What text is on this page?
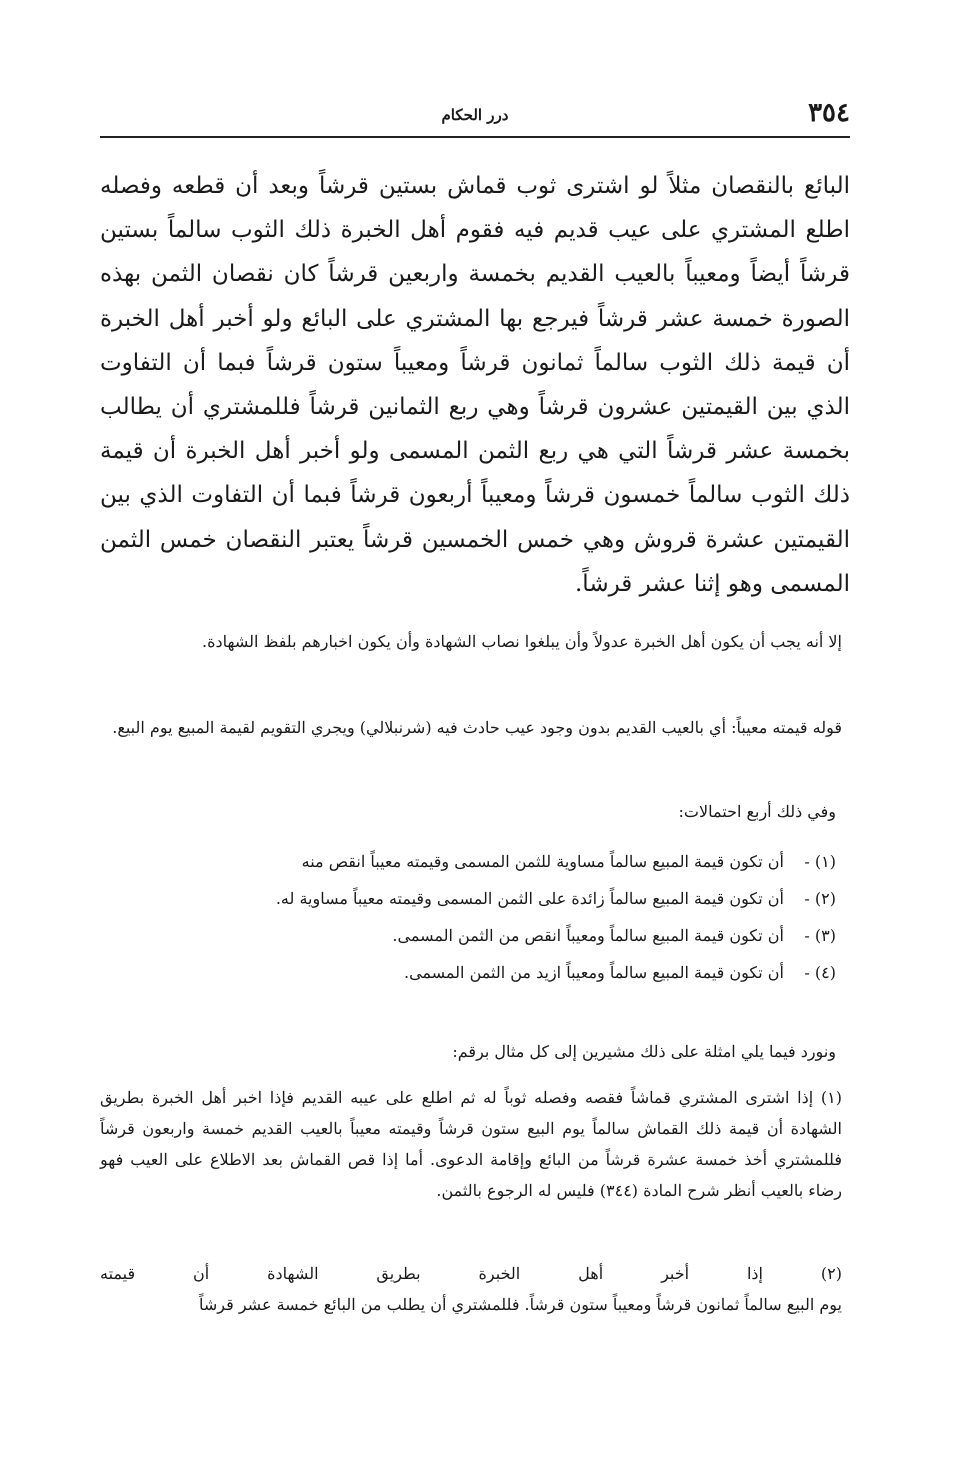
٣٥٤
درر الحكام

البائع بالنقصان مثلاً لو اشترى ثوب قماش بستين قرشاً وبعد أن قطعه وفصله اطلع المشتري على عيب قديم فيه فقوم أهل الخبرة ذلك الثوب سالماً بستين قرشاً أيضاً ومعيباً بالعيب القديم بخمسة واربعين قرشاً كان نقصان الثمن بهذه الصورة خمسة عشر قرشاً فيرجع بها المشتري على البائع ولو أخبر أهل الخبرة أن قيمة ذلك الثوب سالماً ثمانون قرشاً ومعيباً ستون قرشاً فبما أن التفاوت الذي بين القيمتين عشرون قرشاً وهي ربع الثمانين قرشاً فللمشتري أن يطالب بخمسة عشر قرشاً التي هي ربع الثمن المسمى ولو أخبر أهل الخبرة أن قيمة ذلك الثوب سالماً خمسون قرشاً ومعيباً أربعون قرشاً فبما أن التفاوت الذي بين القيمتين عشرة قروش وهي خمس الخمسين قرشاً يعتبر النقصان خمس الثمن المسمى وهو إثنا عشر قرشاً.

إلا أنه يجب أن يكون أهل الخبرة عدولاً وأن يبلغوا نصاب الشهادة وأن يكون اخبارهم بلفظ الشهادة.

قوله قيمته معيباً: أي بالعيب القديم بدون وجود عيب حادث فيه (شرنبلالي) ويجري التقويم لقيمة المبيع يوم البيع.

وفي ذلك أربع احتمالات:

(١) -أن تكون قيمة المبيع سالماً مساوية للثمن المسمى وقيمته معيباً انقص منه
(٢) -أن تكون قيمة المبيع سالماً زائدة على الثمن المسمى وقيمته معيباً مساوية له.
(٣) -أن تكون قيمة المبيع سالماً ومعيباً انقص من الثمن المسمى.
(٤) -أن تكون قيمة المبيع سالماً ومعيباً ازيد من الثمن المسمى.

ونورد فيما يلي امثلة على ذلك مشيرين إلى كل مثال برقم:

(١) إذا اشترى المشتري قماشاً فقصه وفصله ثوباً له ثم اطلع على عيبه القديم فإذا اخبر أهل الخبرة بطريق الشهادة أن قيمة ذلك القماش سالماً يوم البيع ستون قرشاً وقيمته معيباً بالعيب القديم خمسة واربعون قرشاً فللمشتري أخذ خمسة عشرة قرشاً من البائع وإقامة الدعوى. أما إذا قص القماش بعد الاطلاع على العيب فهو رضاء بالعيب أنظر شرح المادة (٣٤٤) فليس له الرجوع بالثمن.

(٢) إذا أخبر أهل الخبرة بطريق الشهادة أن قيمته
يوم البيع سالماً ثمانون قرشاً ومعيباً ستون قرشاً. فللمشتري أن يطلب من البائع خمسة عشر قرشاً
